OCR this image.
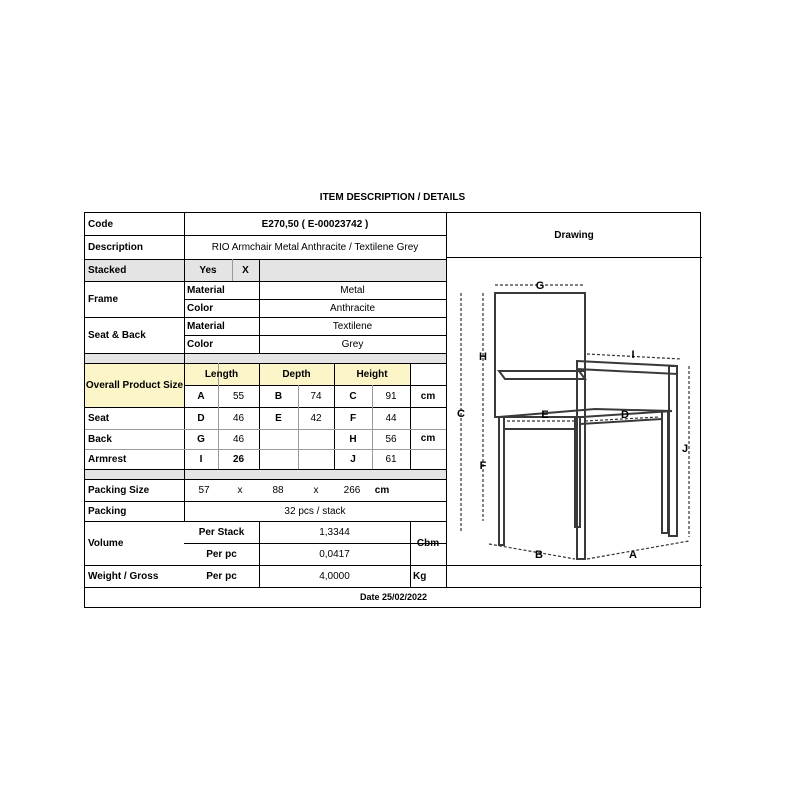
ITEM DESCRIPTION / DETAILS
Code	E270,50 ( E-00023742 )
Description	RIO Armchair Metal Anthracite / Textilene Grey
Drawing
Stacked	Yes	X
Frame
Material	Metal
Color	Anthracite
Seat & Back
Material	Textilene
Color	Grey
Overall Product Size
Length	Depth	Height
A	55	B	74	C	91	cm
Seat	D	46	E	42	F	44
Back	G	46	H	56	cm
Armrest	I	26	J	61
Packing Size	57	x	88	x	266	cm
Packing	32 pcs / stack
Volume
Per Stack	1,3344
Per pc	0,0417
Cbm
Weight / Gross	Per pc	4,0000	Kg
Date 25/02/2022
G
H
C
F
I
J
E	D
B	A
